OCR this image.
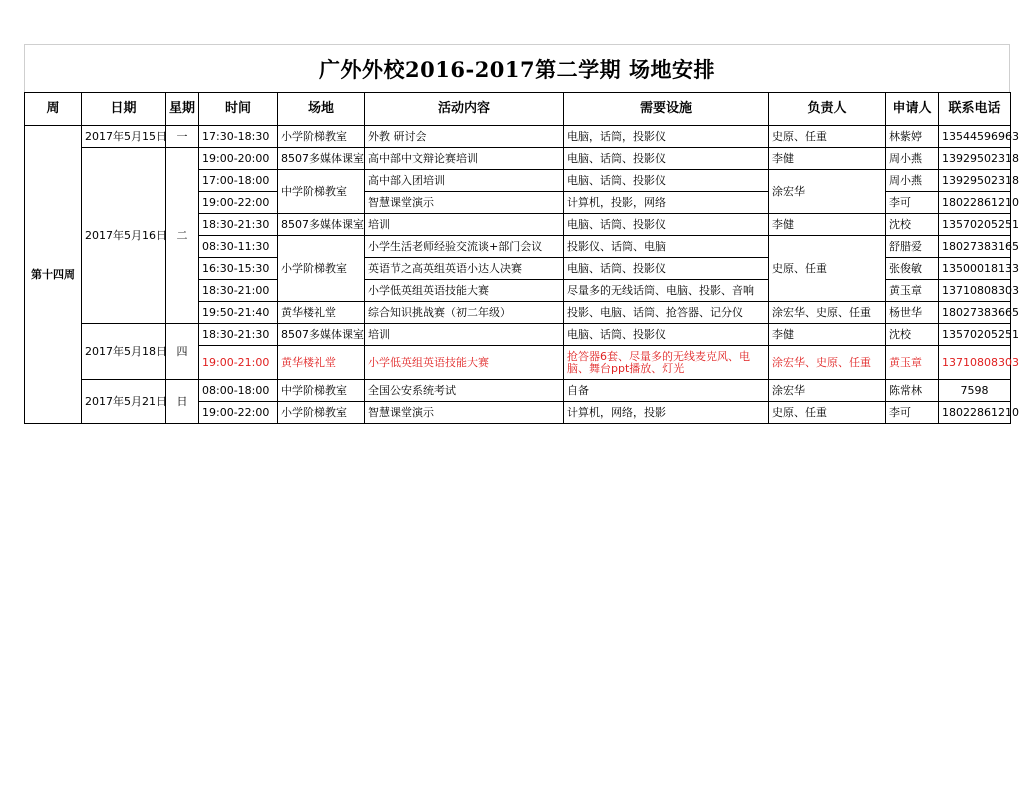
广外外校2016-2017第二学期 场地安排
周	日期	星期	时间	场地	活动内容	需要设施	负责人	申请人	联系电话
第十四周	2017年5月15日	一	17:30-18:30	小学阶梯教室	外教 研讨会	电脑，话筒，投影仪	史原、任重	林紫婷	13544596963
	2017年5月16日	二	19:00-20:00	8507多媒体课室	高中部中文辩论赛培训	电脑、话筒、投影仪	李健	周小燕	13929502318
			17:00-18:00	中学阶梯教室	高中部入团培训	电脑、话筒、投影仪	涂宏华	周小燕	13929502318
			19:00-22:00		智慧课堂演示	计算机，投影，网络		李可	18022861210
			18:30-21:30	8507多媒体课室	培训	电脑、话筒、投影仪	李健	沈校	13570205251
			08:30-11:30	小学阶梯教室	小学生活老师经验交流谈+部门会议	投影仪、话筒、电脑	史原、任重	舒腊爱	18027383165
			16:30-15:30		英语节之高英组英语小达人决赛	电脑、话筒、投影仪		张俊敏	13500018133
			18:30-21:00		小学低英组英语技能大赛	尽量多的无线话筒、电脑、投影、音响		黄玉章	13710808303
			19:50-21:40	黄华楼礼堂	综合知识挑战赛（初二年级）	投影、电脑、话筒、抢答器、记分仪	涂宏华、史原、任重	杨世华	18027383665
	2017年5月18日	四	18:30-21:30	8507多媒体课室	培训	电脑、话筒、投影仪	李健	沈校	13570205251
			19:00-21:00	黄华楼礼堂	小学低英组英语技能大赛	抢答器6套、尽量多的无线麦克风、电脑、舞台ppt播放、灯光	涂宏华、史原、任重	黄玉章	13710808303
	2017年5月21日	日	08:00-18:00	中学阶梯教室	全国公安系统考试	自备	涂宏华	陈常林	7598
			19:00-22:00	小学阶梯教室	智慧课堂演示	计算机，网络，投影	史原、任重	李可	18022861210
